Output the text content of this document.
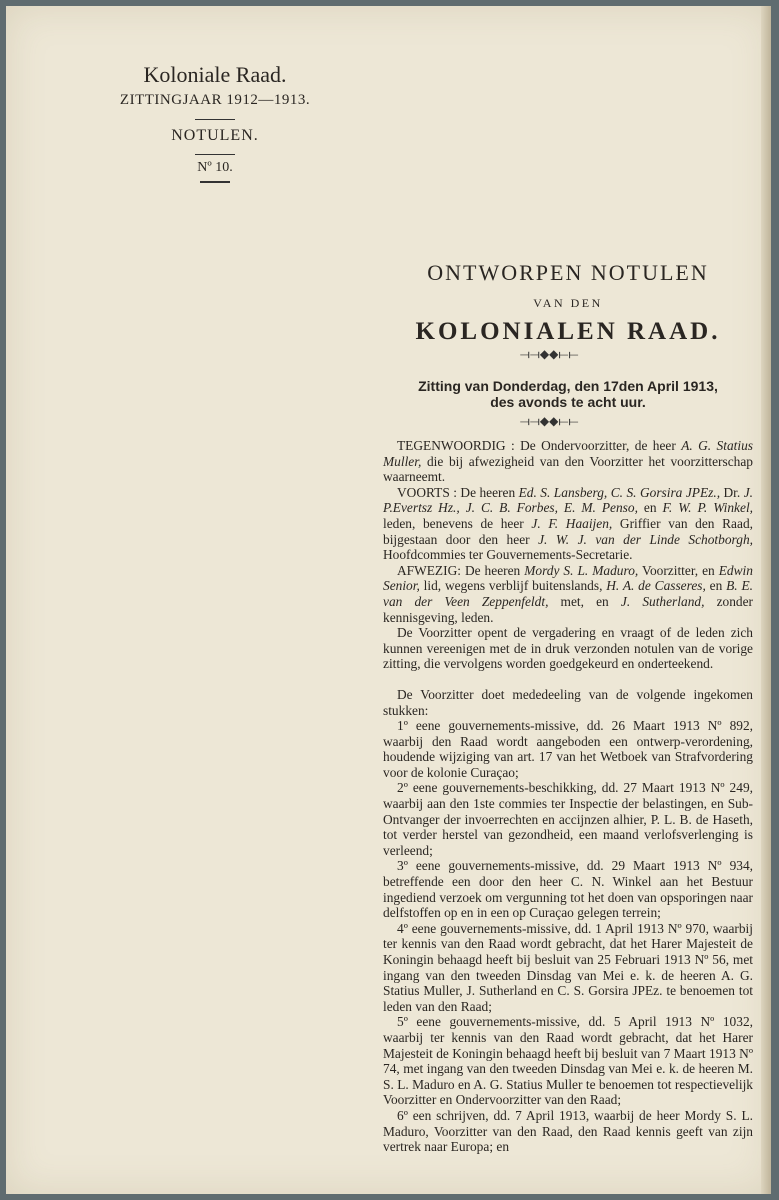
Koloniale Raad.
ZITTINGJAAR 1912—1913.
NOTULEN.
Nº 10.
ONTWORPEN NOTULEN
VAN DEN
KOLONIALEN RAAD.
⟞⟞◆◆⟝⟝
Zitting van Donderdag, den 17den April 1913,
des avonds te acht uur.
⟞⟞◆◆⟝⟝

TEGENWOORDIG : De Ondervoorzitter, de heer A. G. Statius Muller, die bij afwezigheid van den Voorzitter het voorzitterschap waarneemt.

VOORTS : De heeren Ed. S. Lansberg, C. S. Gorsira JPEz., Dr. J. P.Evertsz Hz., J. C. B. Forbes, E. M. Penso, en F. W. P. Winkel, leden, benevens de heer J. F. Haaijen, Griffier van den Raad, bijgestaan door den heer J. W. J. van der Linde Schotborgh, Hoofdcommies ter Gouvernements-Secretarie.

AFWEZIG: De heeren Mordy S. L. Maduro, Voorzitter, en Edwin Senior, lid, wegens verblijf buitenslands, H. A. de Casseres, en B. E. van der Veen Zeppenfeldt, met, en J. Sutherland, zonder kennisgeving, leden.

De Voorzitter opent de vergadering en vraagt of de leden zich kunnen vereenigen met de in druk verzonden notulen van de vorige zitting, die vervolgens worden goedgekeurd en onderteekend.

De Voorzitter doet mededeeling van de volgende ingekomen stukken:

1º eene gouvernements-missive, dd. 26 Maart 1913 Nº 892, waarbij den Raad wordt aangeboden een ontwerp-verordening, houdende wijziging van art. 17 van het Wetboek van Strafvordering voor de kolonie Curaçao;

2º eene gouvernements-beschikking, dd. 27 Maart 1913 Nº 249, waarbij aan den 1ste commies ter Inspectie der belastingen, en Sub-Ontvanger der invoerrechten en accijnzen alhier, P. L. B. de Haseth, tot verder herstel van gezondheid, een maand verlofsverlenging is verleend;

3º eene gouvernements-missive, dd. 29 Maart 1913 Nº 934, betreffende een door den heer C. N. Winkel aan het Bestuur ingediend verzoek om vergunning tot het doen van opsporingen naar delfstoffen op en in een op Curaçao gelegen terrein;

4º eene gouvernements-missive, dd. 1 April 1913 Nº 970, waarbij ter kennis van den Raad wordt gebracht, dat het Harer Majesteit de Koningin behaagd heeft bij besluit van 25 Februari 1913 Nº 56, met ingang van den tweeden Dinsdag van Mei e. k. de heeren A. G. Statius Muller, J. Sutherland en C. S. Gorsira JPEz. te benoemen tot leden van den Raad;

5º eene gouvernements-missive, dd. 5 April 1913 Nº 1032, waarbij ter kennis van den Raad wordt gebracht, dat het Harer Majesteit de Koningin behaagd heeft bij besluit van 7 Maart 1913 Nº 74, met ingang van den tweeden Dinsdag van Mei e. k. de heeren M. S. L. Maduro en A. G. Statius Muller te benoemen tot respectievelijk Voorzitter en Ondervoorzitter van den Raad;

6º een schrijven, dd. 7 April 1913, waarbij de heer Mordy S. L. Maduro, Voorzitter van den Raad, den Raad kennis geeft van zijn vertrek naar Europa; en
